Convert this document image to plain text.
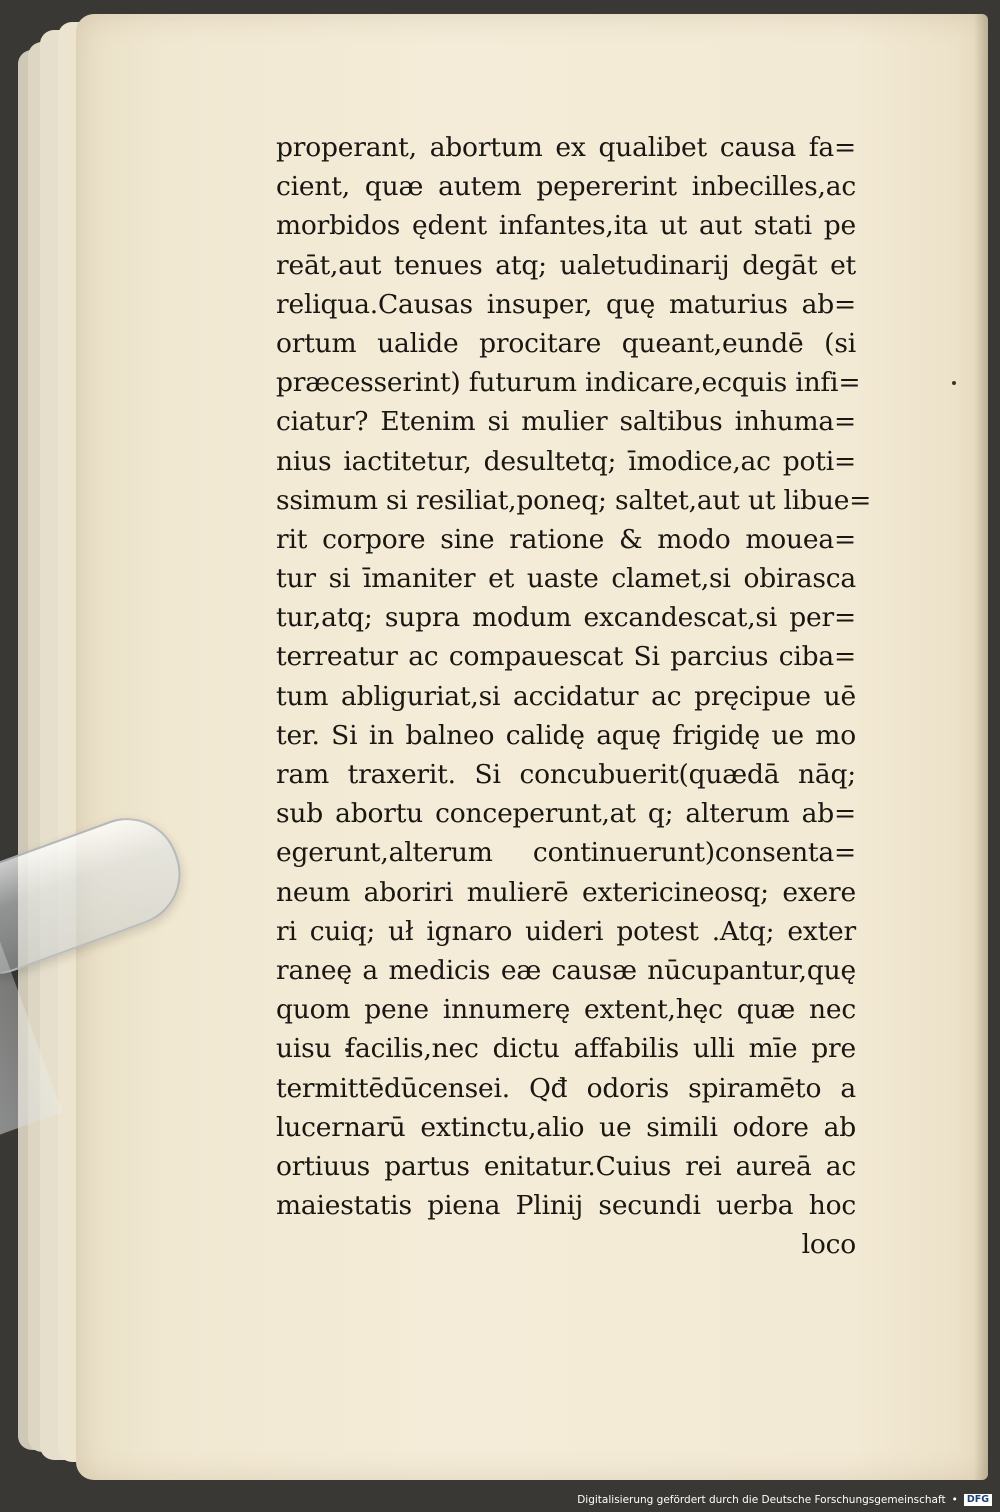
properant, abortum ex qualibet causa fa=
cient, quæ autem pepererint inbecilles,ac
morbidos ędent infantes,ita ut aut stati pe
reāt,aut tenues atq; ualetudinarij degāt et
reliqua.Causas insuper, quę maturius ab=
ortum ualide procitare queant,eundē (si
præcesserint) futurum indicare,ecquis infi=
ciatur? Etenim si mulier saltibus inhuma=
nius iactitetur, desultetq; īmodice,ac poti=
ssimum si resiliat,poneq; saltet,aut ut libue=
rit corpore sine ratione & modo mouea=
tur si īmaniter et uaste clamet,si obirasca
tur,atq; supra modum excandescat,si per=
terreatur ac compauescat Si parcius ciba=
tum abliguriat,si accidatur ac pręcipue uē
ter. Si in balneo calidę aquę frigidę ue mo
ram traxerit. Si concubuerit(quædā nāq;
sub abortu conceperunt,at q; alterum ab=
egerunt,alterum continuerunt)consenta=
neum aboriri mulierē extericineosq; exere
ri cuiq; uł ignaro uideri potest .Atq; exter
raneę a medicis eæ causæ nūcupantur,quę
quom pene innumerę extent,hęc quæ nec
uisu facilis,nec dictu affabilis ulli mīe pre
termittēdūcensei. Qđ odoris spiramēto a
lucernarū extinctu,alio ue simili odore ab
ortiuus partus enitatur.Cuius rei aureā ac
maiestatis piena Plinij secundi uerba hoc
loco
Digitalisierung gefördert durch die Deutsche Forschungsgemeinschaft • DFG
